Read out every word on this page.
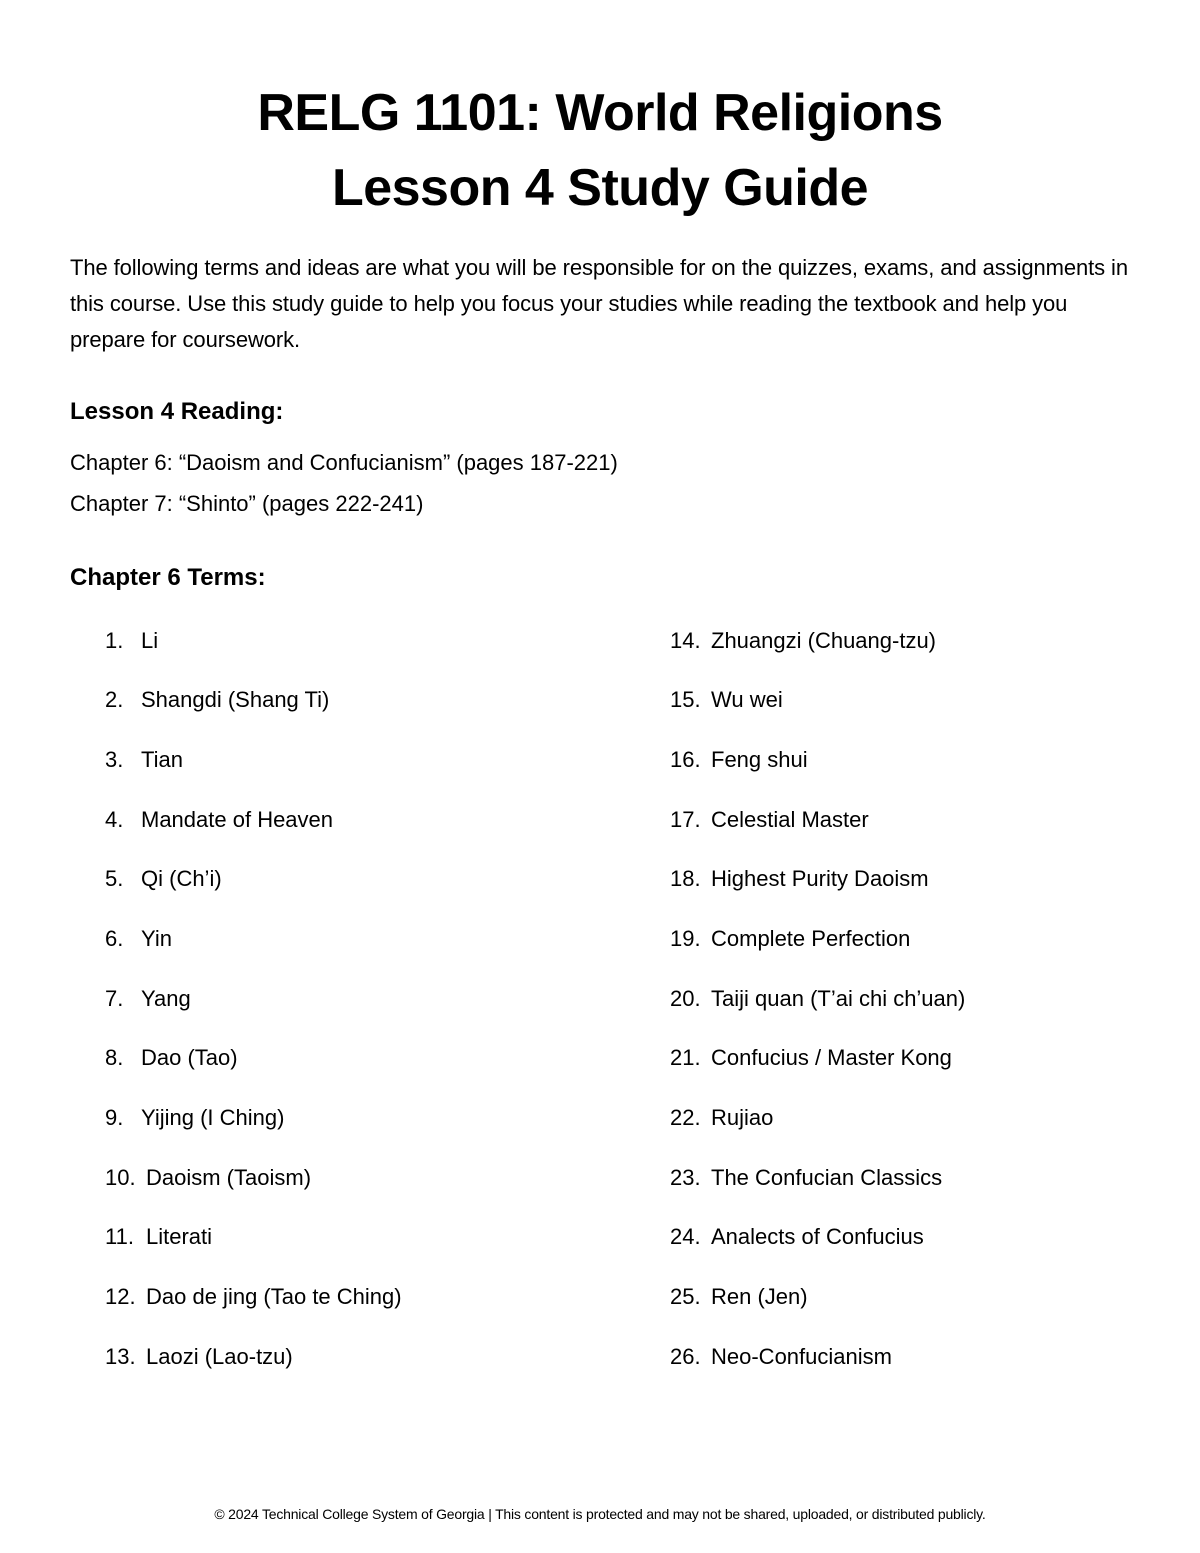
RELG 1101: World Religions
Lesson 4 Study Guide
The following terms and ideas are what you will be responsible for on the quizzes, exams, and assignments in this course. Use this study guide to help you focus your studies while reading the textbook and help you prepare for coursework.
Lesson 4 Reading:
Chapter 6: “Daoism and Confucianism” (pages 187-221)
Chapter 7: “Shinto” (pages 222-241)
Chapter 6 Terms:
1. Li
2. Shangdi (Shang Ti)
3. Tian
4. Mandate of Heaven
5. Qi (Ch’i)
6. Yin
7. Yang
8. Dao (Tao)
9. Yijing (I Ching)
10. Daoism (Taoism)
11. Literati
12. Dao de jing (Tao te Ching)
13. Laozi (Lao-tzu)
14. Zhuangzi (Chuang-tzu)
15. Wu wei
16. Feng shui
17. Celestial Master
18. Highest Purity Daoism
19. Complete Perfection
20. Taiji quan (T’ai chi ch’uan)
21. Confucius / Master Kong
22. Rujiao
23. The Confucian Classics
24. Analects of Confucius
25. Ren (Jen)
26. Neo-Confucianism
© 2024 Technical College System of Georgia | This content is protected and may not be shared, uploaded, or distributed publicly.
